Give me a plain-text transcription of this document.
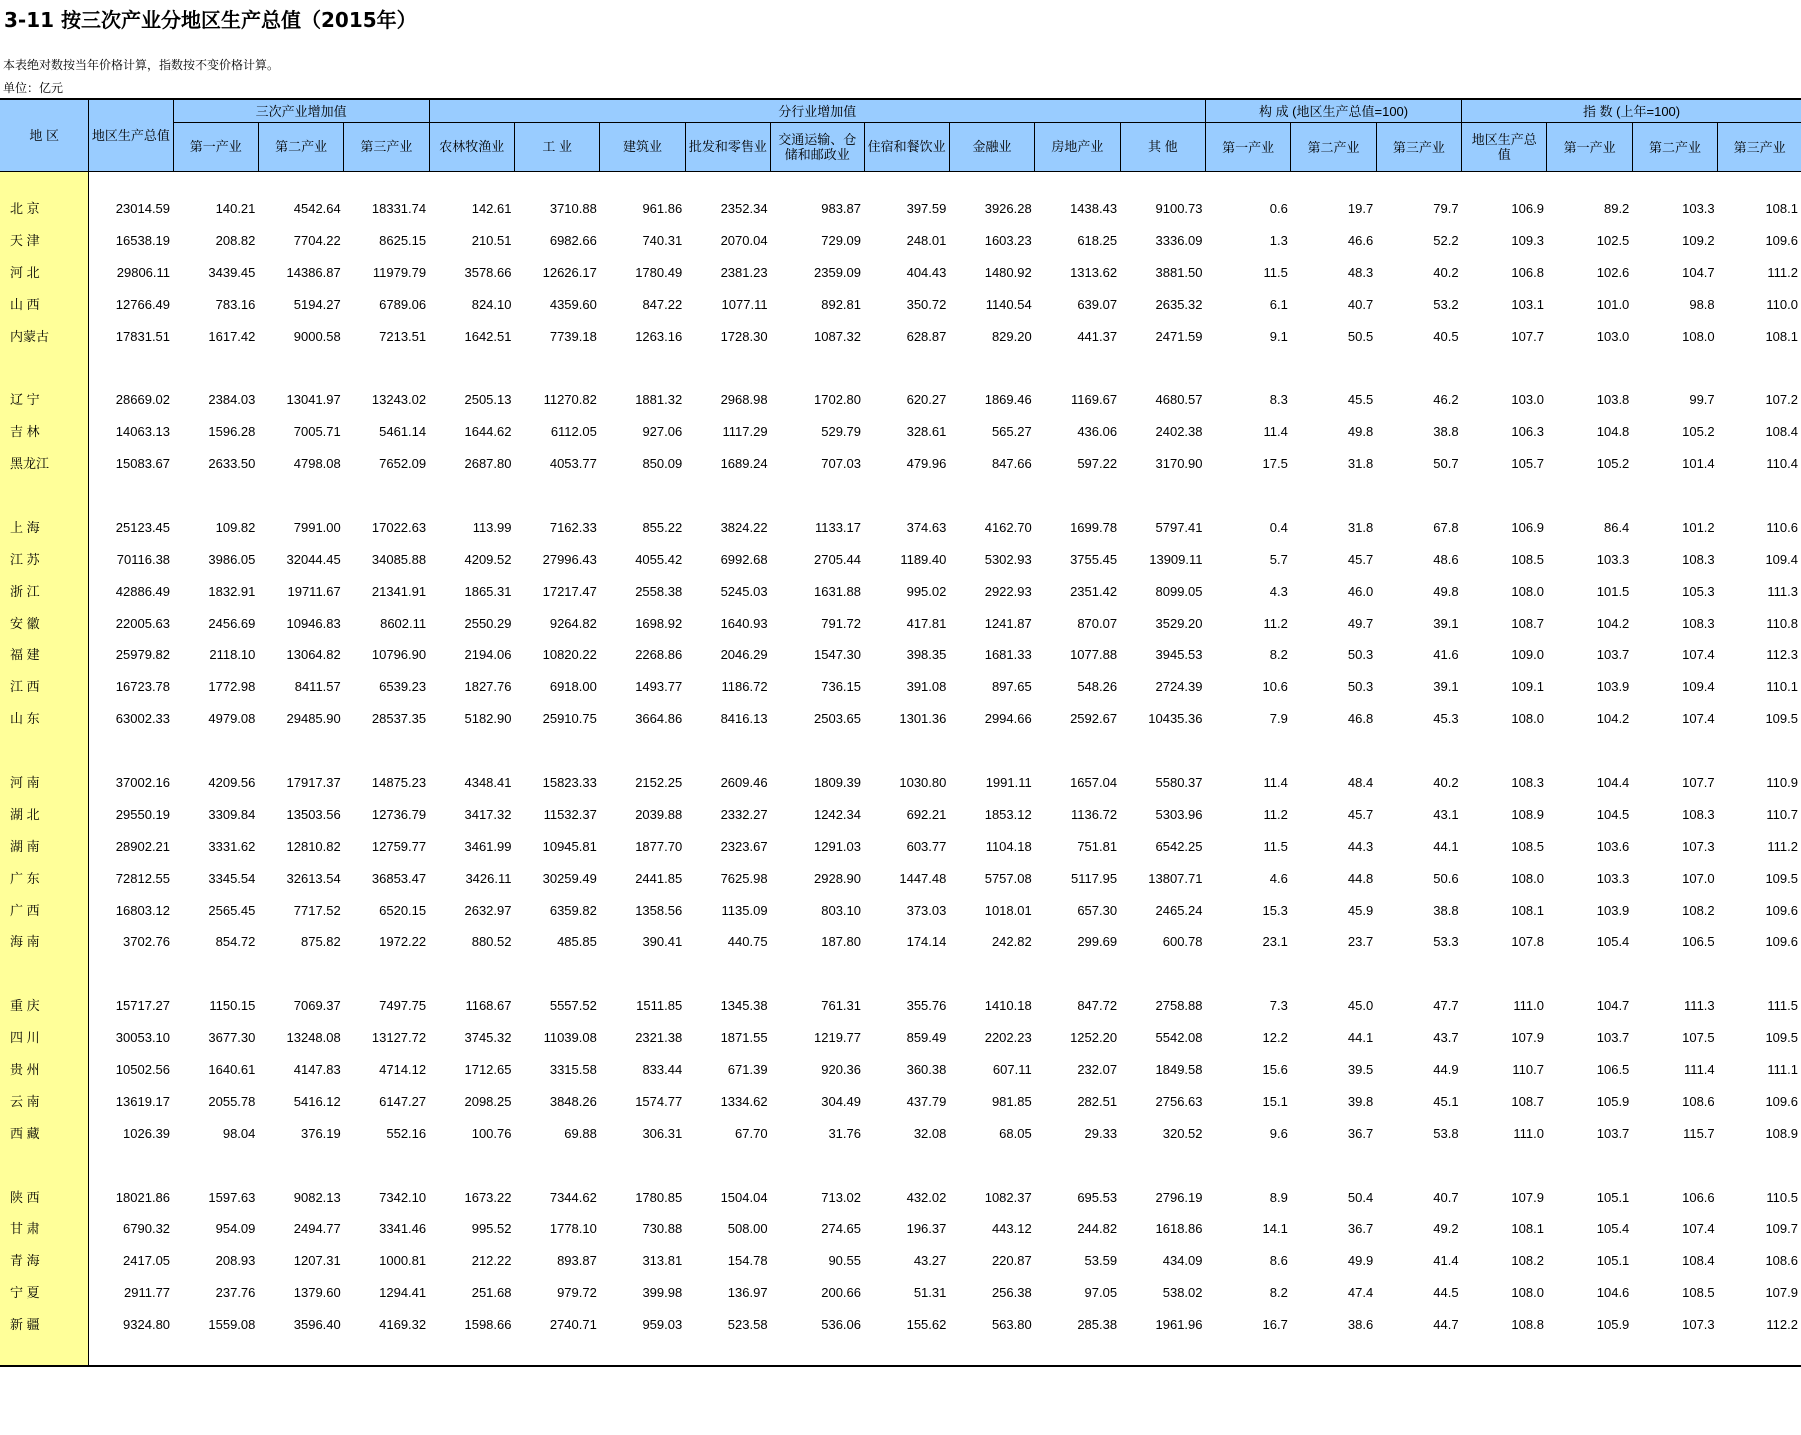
3-11 按三次产业分地区生产总值（2015年）
本表绝对数按当年价格计算，指数按不变价格计算。
单位：亿元
地 区	地区生产总值	三次产业增加值			分行业增加值									构 成 (地区生产总值=100)			指 数 (上年=100)			

		第一产业	第二产业	第三产业	农林牧渔业	工 业	建筑业	批发和零售业	交通运输、仓储和邮政业	住宿和餐饮业	金融业	房地产业	其 他	第一产业	第二产业	第三产业	地区生产总 值	第一产业	第二产业	第三产业

北 京	23014.59	140.21	4542.64	18331.74	142.61	3710.88	961.86	2352.34	983.87	397.59	3926.28	1438.43	9100.73	0.6	19.7	79.7	106.9	89.2	103.3	108.1
天 津	16538.19	208.82	7704.22	8625.15	210.51	6982.66	740.31	2070.04	729.09	248.01	1603.23	618.25	3336.09	1.3	46.6	52.2	109.3	102.5	109.2	109.6
河 北	29806.11	3439.45	14386.87	11979.79	3578.66	12626.17	1780.49	2381.23	2359.09	404.43	1480.92	1313.62	3881.50	11.5	48.3	40.2	106.8	102.6	104.7	111.2
山 西	12766.49	783.16	5194.27	6789.06	824.10	4359.60	847.22	1077.11	892.81	350.72	1140.54	639.07	2635.32	6.1	40.7	53.2	103.1	101.0	98.8	110.0
内蒙古	17831.51	1617.42	9000.58	7213.51	1642.51	7739.18	1263.16	1728.30	1087.32	628.87	829.20	441.37	2471.59	9.1	50.5	40.5	107.7	103.0	108.0	108.1

辽 宁	28669.02	2384.03	13041.97	13243.02	2505.13	11270.82	1881.32	2968.98	1702.80	620.27	1869.46	1169.67	4680.57	8.3	45.5	46.2	103.0	103.8	99.7	107.2
吉 林	14063.13	1596.28	7005.71	5461.14	1644.62	6112.05	927.06	1117.29	529.79	328.61	565.27	436.06	2402.38	11.4	49.8	38.8	106.3	104.8	105.2	108.4
黑龙江	15083.67	2633.50	4798.08	7652.09	2687.80	4053.77	850.09	1689.24	707.03	479.96	847.66	597.22	3170.90	17.5	31.8	50.7	105.7	105.2	101.4	110.4

上 海	25123.45	109.82	7991.00	17022.63	113.99	7162.33	855.22	3824.22	1133.17	374.63	4162.70	1699.78	5797.41	0.4	31.8	67.8	106.9	86.4	101.2	110.6
江 苏	70116.38	3986.05	32044.45	34085.88	4209.52	27996.43	4055.42	6992.68	2705.44	1189.40	5302.93	3755.45	13909.11	5.7	45.7	48.6	108.5	103.3	108.3	109.4
浙 江	42886.49	1832.91	19711.67	21341.91	1865.31	17217.47	2558.38	5245.03	1631.88	995.02	2922.93	2351.42	8099.05	4.3	46.0	49.8	108.0	101.5	105.3	111.3
安 徽	22005.63	2456.69	10946.83	8602.11	2550.29	9264.82	1698.92	1640.93	791.72	417.81	1241.87	870.07	3529.20	11.2	49.7	39.1	108.7	104.2	108.3	110.8
福 建	25979.82	2118.10	13064.82	10796.90	2194.06	10820.22	2268.86	2046.29	1547.30	398.35	1681.33	1077.88	3945.53	8.2	50.3	41.6	109.0	103.7	107.4	112.3
江 西	16723.78	1772.98	8411.57	6539.23	1827.76	6918.00	1493.77	1186.72	736.15	391.08	897.65	548.26	2724.39	10.6	50.3	39.1	109.1	103.9	109.4	110.1
山 东	63002.33	4979.08	29485.90	28537.35	5182.90	25910.75	3664.86	8416.13	2503.65	1301.36	2994.66	2592.67	10435.36	7.9	46.8	45.3	108.0	104.2	107.4	109.5

河 南	37002.16	4209.56	17917.37	14875.23	4348.41	15823.33	2152.25	2609.46	1809.39	1030.80	1991.11	1657.04	5580.37	11.4	48.4	40.2	108.3	104.4	107.7	110.9
湖 北	29550.19	3309.84	13503.56	12736.79	3417.32	11532.37	2039.88	2332.27	1242.34	692.21	1853.12	1136.72	5303.96	11.2	45.7	43.1	108.9	104.5	108.3	110.7
湖 南	28902.21	3331.62	12810.82	12759.77	3461.99	10945.81	1877.70	2323.67	1291.03	603.77	1104.18	751.81	6542.25	11.5	44.3	44.1	108.5	103.6	107.3	111.2
广 东	72812.55	3345.54	32613.54	36853.47	3426.11	30259.49	2441.85	7625.98	2928.90	1447.48	5757.08	5117.95	13807.71	4.6	44.8	50.6	108.0	103.3	107.0	109.5
广 西	16803.12	2565.45	7717.52	6520.15	2632.97	6359.82	1358.56	1135.09	803.10	373.03	1018.01	657.30	2465.24	15.3	45.9	38.8	108.1	103.9	108.2	109.6
海 南	3702.76	854.72	875.82	1972.22	880.52	485.85	390.41	440.75	187.80	174.14	242.82	299.69	600.78	23.1	23.7	53.3	107.8	105.4	106.5	109.6

重 庆	15717.27	1150.15	7069.37	7497.75	1168.67	5557.52	1511.85	1345.38	761.31	355.76	1410.18	847.72	2758.88	7.3	45.0	47.7	111.0	104.7	111.3	111.5
四 川	30053.10	3677.30	13248.08	13127.72	3745.32	11039.08	2321.38	1871.55	1219.77	859.49	2202.23	1252.20	5542.08	12.2	44.1	43.7	107.9	103.7	107.5	109.5
贵 州	10502.56	1640.61	4147.83	4714.12	1712.65	3315.58	833.44	671.39	920.36	360.38	607.11	232.07	1849.58	15.6	39.5	44.9	110.7	106.5	111.4	111.1
云 南	13619.17	2055.78	5416.12	6147.27	2098.25	3848.26	1574.77	1334.62	304.49	437.79	981.85	282.51	2756.63	15.1	39.8	45.1	108.7	105.9	108.6	109.6
西 藏	1026.39	98.04	376.19	552.16	100.76	69.88	306.31	67.70	31.76	32.08	68.05	29.33	320.52	9.6	36.7	53.8	111.0	103.7	115.7	108.9

陕 西	18021.86	1597.63	9082.13	7342.10	1673.22	7344.62	1780.85	1504.04	713.02	432.02	1082.37	695.53	2796.19	8.9	50.4	40.7	107.9	105.1	106.6	110.5
甘 肃	6790.32	954.09	2494.77	3341.46	995.52	1778.10	730.88	508.00	274.65	196.37	443.12	244.82	1618.86	14.1	36.7	49.2	108.1	105.4	107.4	109.7
青 海	2417.05	208.93	1207.31	1000.81	212.22	893.87	313.81	154.78	90.55	43.27	220.87	53.59	434.09	8.6	49.9	41.4	108.2	105.1	108.4	108.6
宁 夏	2911.77	237.76	1379.60	1294.41	251.68	979.72	399.98	136.97	200.66	51.31	256.38	97.05	538.02	8.2	47.4	44.5	108.0	104.6	108.5	107.9
新 疆	9324.80	1559.08	3596.40	4169.32	1598.66	2740.71	959.03	523.58	536.06	155.62	563.80	285.38	1961.96	16.7	38.6	44.7	108.8	105.9	107.3	112.2
